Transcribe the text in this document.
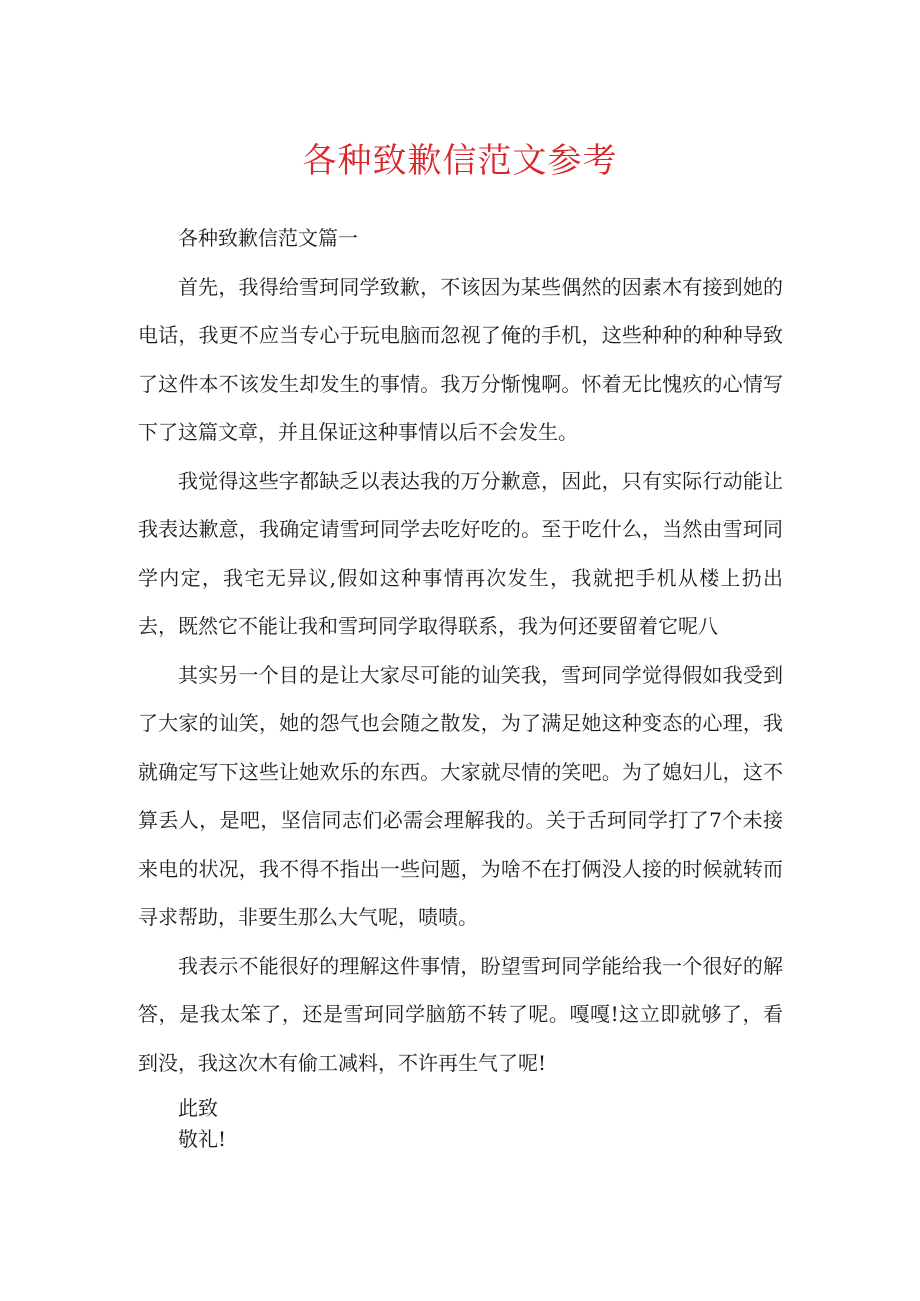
各种致歉信范文参考

各种致歉信范文篇一

首先，我得给雪珂同学致歉，不该因为某些偶然的因素木有接到她的电话，我更不应当专心于玩电脑而忽视了俺的手机，这些种种的种种导致了这件本不该发生却发生的事情。我万分惭愧啊。怀着无比愧疚的心情写下了这篇文章，并且保证这种事情以后不会发生。

我觉得这些字都缺乏以表达我的万分歉意，因此，只有实际行动能让我表达歉意，我确定请雪珂同学去吃好吃的。至于吃什么，当然由雪珂同学内定，我宅无异议,假如这种事情再次发生，我就把手机从楼上扔出去，既然它不能让我和雪珂同学取得联系，我为何还要留着它呢八

其实另一个目的是让大家尽可能的讪笑我，雪珂同学觉得假如我受到了大家的讪笑，她的怨气也会随之散发，为了满足她这种变态的心理，我就确定写下这些让她欢乐的东西。大家就尽情的笑吧。为了媳妇儿，这不算丢人，是吧，坚信同志们必需会理解我的。关于舌珂同学打了7个未接来电的状况，我不得不指出一些问题，为啥不在打俩没人接的时候就转而寻求帮助，非要生那么大气呢，啧啧。

我表示不能很好的理解这件事情，盼望雪珂同学能给我一个很好的解答，是我太笨了，还是雪珂同学脑筋不转了呢。嘎嘎!这立即就够了，看到没，我这次木有偷工减料，不许再生气了呢!

此致

敬礼!
